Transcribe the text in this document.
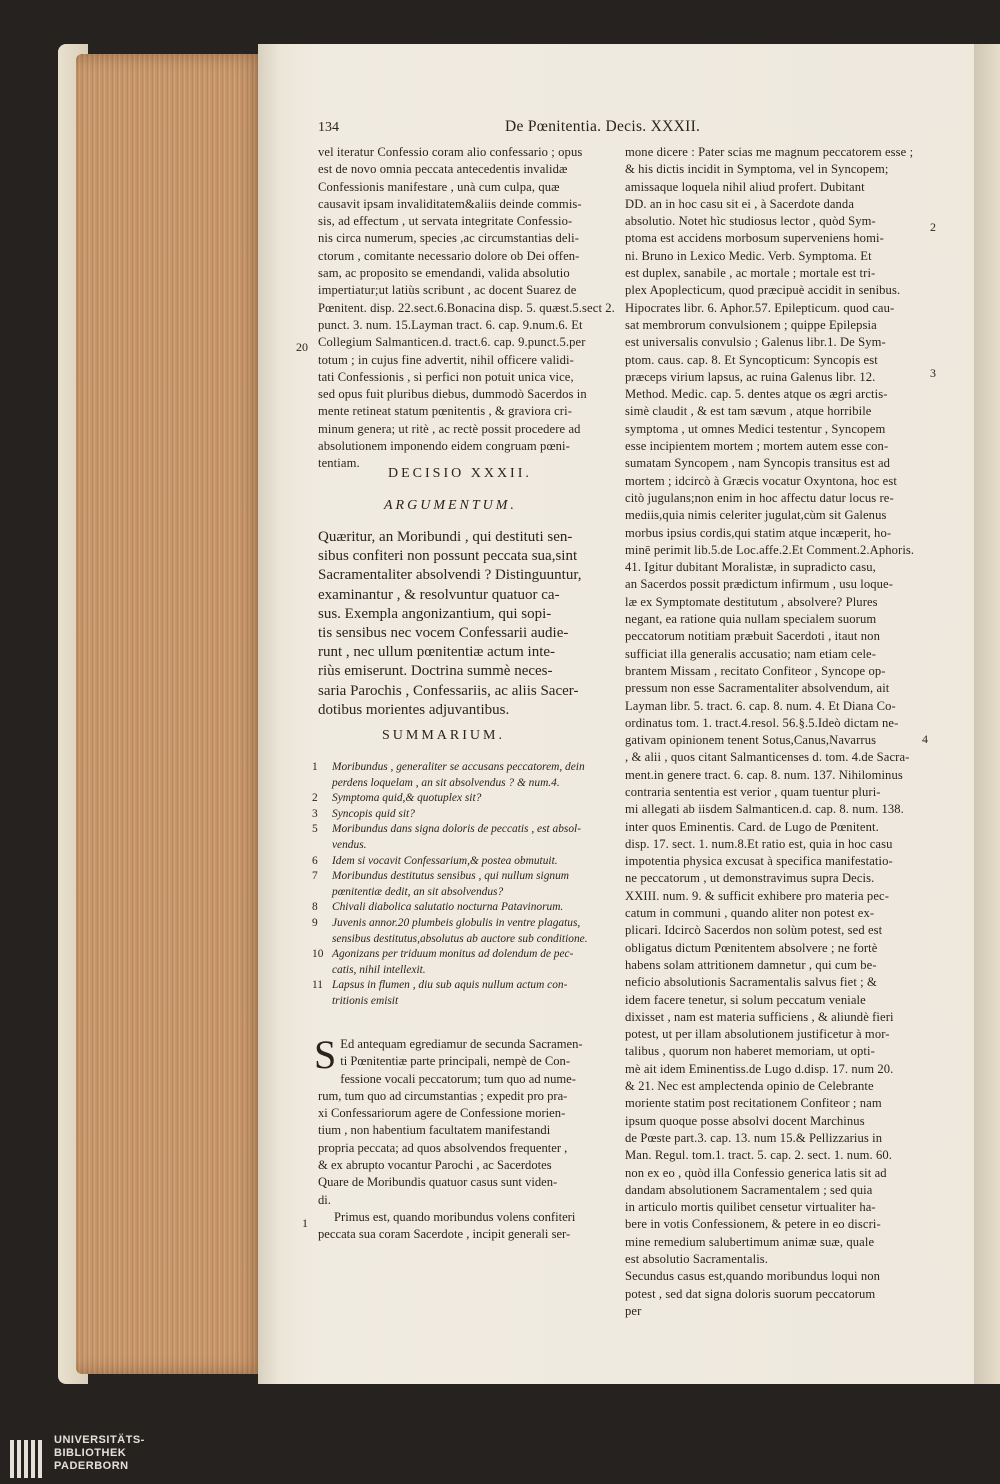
134	De Pœnitentia. Decis. XXXII.

vel iteratur Confessio coram alio confessario ; opus

est de novo omnia peccata antecedentis invalidæ

Confessionis manifestare , unà cum culpa, quæ

causavit ipsam invaliditatem&aliis deinde commis-

sis, ad effectum , ut servata integritate Confessio-

nis circa numerum, species ,ac circumstantias deli-

ctorum , comitante necessario dolore ob Dei offen-

sam, ac proposito se emendandi, valida absolutio

impertiatur;ut latiùs scribunt , ac docent Suarez de

Pœnitent. disp. 22.sect.6.Bonacina disp. 5. quæst.5.sect 2.

punct. 3. num. 15.Layman tract. 6. cap. 9.num.6. Et

Collegium Salmanticen.d. tract.6. cap. 9.punct.5.per

totum ; in cujus fine advertit, nihil officere validi-

tati Confessionis , si perfici non potuit unica vice,

sed opus fuit pluribus diebus, dummodò Sacerdos in

mente retineat statum pœnitentis , & graviora cri-

minum genera; ut ritè , ac rectè possit procedere ad

absolutionem imponendo eidem congruam pœni-

tentiam.

DECISIO XXXII.
ARGUMENTUM.

Quæritur, an Moribundi , qui destituti sen-

sibus confiteri non possunt peccata sua,sint

Sacramentaliter absolvendi ? Distinguuntur,

examinantur , & resolvuntur quatuor ca-

sus. Exempla angonizantium, qui sopi-

tis sensibus nec vocem Confessarii audie-

runt , nec ullum pœnitentiæ actum inte-

riùs emiserunt. Doctrina summè neces-

saria Parochis , Confessariis, ac aliis Sacer-

dotibus morientes adjuvantibus.

SUMMARIUM.
1	Moribundus , generaliter se accusans peccatorem, dein
perdens loquelam , an sit absolvendus ? & num.4.
2	Symptoma quid,& quotuplex sit?
3	Syncopis quid sit?
5	Moribundus dans signa doloris de peccatis , est absol-
vendus.
6	Idem si vocavit Confessarium,& postea obmutuit.
7	Moribundus destitutus sensibus , qui nullum signum
pœnitentiæ dedit, an sit absolvendus?
8	Chivali diabolica salutatio nocturna Patavinorum.
9	Juvenis annor.20 plumbeis globulis in ventre plagatus,
sensibus destitutus,absolutus ab auctore sub conditione.
10 Agonizans per triduum monitus ad dolendum de pec-
catis, nihil intellexit.
11 Lapsus in flumen , diu sub aquis nullum actum con-
tritionis emisit
S Ed antequam egrediamur de secunda Sacramen-

ti Pœnitentiæ parte principali, nempè de Con-

fessione vocali peccatorum; tum quo ad nume-

rum, tum quo ad circumstantias ; expedit pro pra-

xi Confessariorum agere de Confessione morien-

tium , non habentium facultatem manifestandi

propria peccata; ad quos absolvendos frequenter ,

& ex abrupto vocantur Parochi , ac Sacerdotes

Quare de Moribundis quatuor casus sunt viden-

di.

Primus est, quando moribundus volens confiteri

peccata sua coram Sacerdote , incipit generali ser-

mone dicere : Pater scias me magnum peccatorem esse ;

& his dictis incidit in Symptoma, vel in Syncopem;

amissaque loquela nihil aliud profert. Dubitant

DD. an in hoc casu sit ei , à Sacerdote danda

absolutio. Notet hìc studiosus lector , quòd Sym-

ptoma est accidens morbosum superveniens homi-

ni. Bruno in Lexico Medic. Verb. Symptoma. Et

est duplex, sanabile , ac mortale ; mortale est tri-

plex Apoplecticum, quod præcipuè accidit in senibus.

Hipocrates libr. 6. Aphor.57. Epilepticum. quod cau-

sat membrorum convulsionem ; quippe Epilepsia

est universalis convulsio ; Galenus libr.1. De Sym-

ptom. caus. cap. 8. Et Syncopticum: Syncopis est

præceps virium lapsus, ac ruina Galenus libr. 12.

Method. Medic. cap. 5. dentes atque os ægri arctis-

simè claudit , & est tam sævum , atque horribile

symptoma , ut omnes Medici testentur , Syncopem

esse incipientem mortem ; mortem autem esse con-

sumatam Syncopem , nam Syncopis transitus est ad

mortem ; idcircò à Græcis vocatur Oxyntona, hoc est

citò jugulans;non enim in hoc affectu datur locus re-

mediis,quia nimis celeriter jugulat,cùm sit Galenus

morbus ipsius cordis,qui statim atque incæperit, ho-

minē perimit lib.5.de Loc.affe.2.Et Comment.2.Aphoris.

41. Igitur dubitant Moralistæ, in supradicto casu,

an Sacerdos possit prædictum infirmum , usu loque-

læ ex Symptomate destitutum , absolvere? Plures

negant, ea ratione quia nullam specialem suorum

peccatorum notitiam præbuit Sacerdoti , itaut non

sufficiat illa generalis accusatio; nam etiam cele-

brantem Missam , recitato Confiteor , Syncope op-

pressum non esse Sacramentaliter absolvendum, ait

Layman libr. 5. tract. 6. cap. 8. num. 4. Et Diana Co-

ordinatus tom. 1. tract.4.resol. 56.§.5.Ideò dictam ne-

gativam opinionem tenent Sotus,Canus,Navarrus

, & alii , quos citant Salmanticenses d. tom. 4.de Sacra-

ment.in genere tract. 6. cap. 8. num. 137. Nihilominus

contraria sententia est verior , quam tuentur pluri-

mi allegati ab iisdem Salmanticen.d. cap. 8. num. 138.

inter quos Eminentis. Card. de Lugo de Pœnitent.

disp. 17. sect. 1. num.8.Et ratio est, quia in hoc casu

impotentia physica excusat à specifica manifestatio-

ne peccatorum , ut demonstravimus supra Decis.

XXIII. num. 9. & sufficit exhibere pro materia pec-

catum in communi , quando aliter non potest ex-

plicari. Idcircò Sacerdos non solùm potest, sed est

obligatus dictum Pœnitentem absolvere ; ne fortè

habens solam attritionem damnetur , qui cum be-

neficio absolutionis Sacramentalis salvus fiet ; &

idem facere tenetur, si solum peccatum veniale

dixisset , nam est materia sufficiens , & aliundè fieri

potest, ut per illam absolutionem justificetur à mor-

talibus , quorum non haberet memoriam, ut opti-

mè ait idem Eminentiss.de Lugo d.disp. 17. num 20.

& 21. Nec est amplectenda opinio de Celebrante

moriente statim post recitationem Confiteor ; nam

ipsum quoque posse absolvi docent Marchinus

de Pœste part.3. cap. 13. num 15.& Pellizzarius in

Man. Regul. tom.1. tract. 5. cap. 2. sect. 1. num. 60.

non ex eo , quòd illa Confessio generica latis sit ad

dandam absolutionem Sacramentalem ; sed quia

in articulo mortis quilibet censetur virtualiter ha-

bere in votis Confessionem, & petere in eo discri-

mine remedium salubertimum animæ suæ, quale

est absolutio Sacramentalis.

Secundus casus est,quando moribundus loqui non

potest , sed dat signa doloris suorum peccatorum

per

20
1
2
3
4
UNIVERSITÄTS-
BIBLIOTHEK
PADERBORN
